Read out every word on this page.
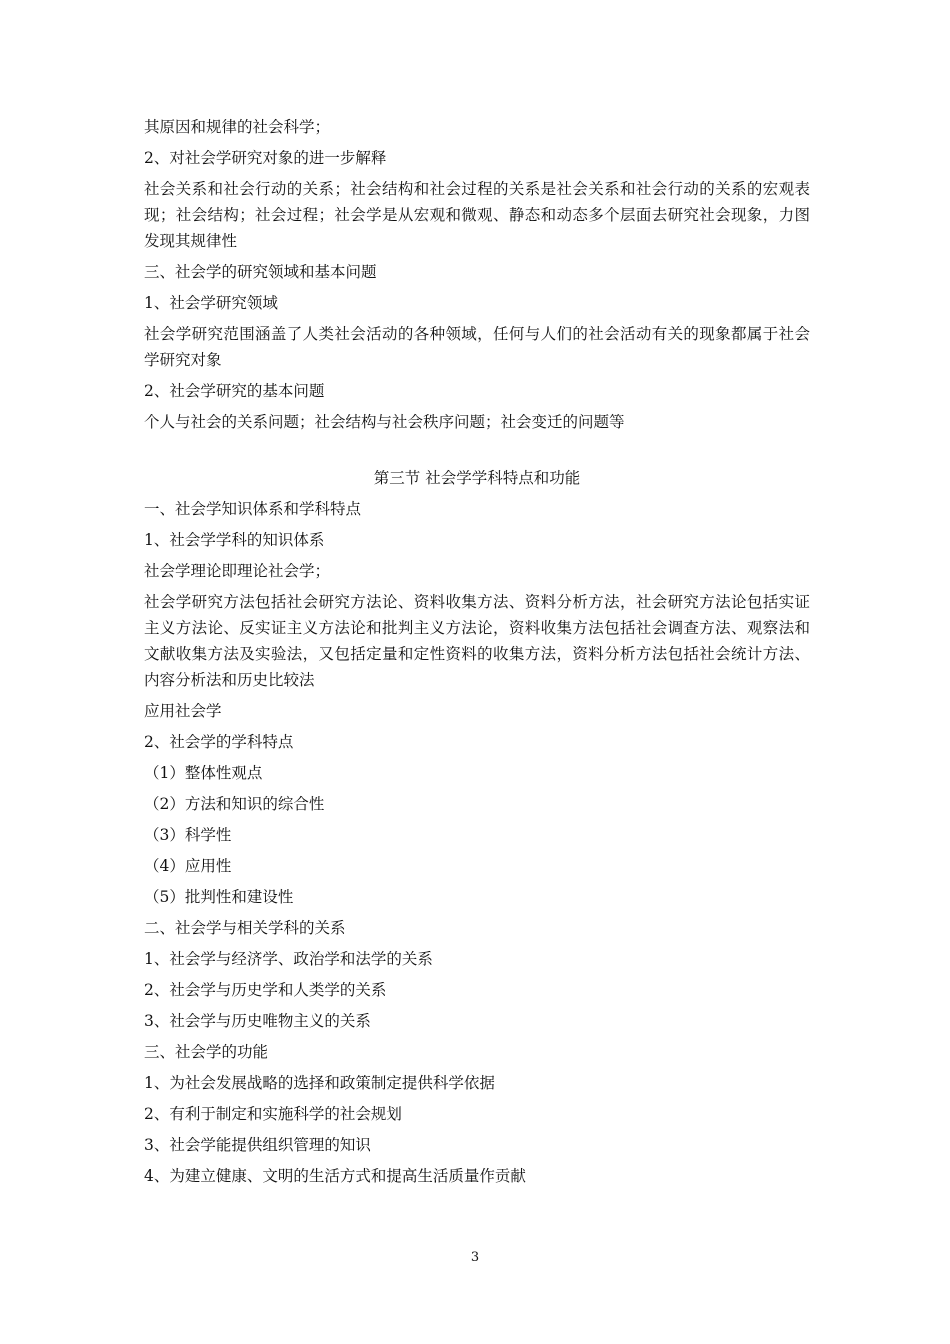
其原因和规律的社会科学；

2、对社会学研究对象的进一步解释

社会关系和社会行动的关系；社会结构和社会过程的关系是社会关系和社会行动的关系的宏观表现；社会结构；社会过程；社会学是从宏观和微观、静态和动态多个层面去研究社会现象，力图发现其规律性

三、社会学的研究领域和基本问题

1、社会学研究领域

社会学研究范围涵盖了人类社会活动的各种领域，任何与人们的社会活动有关的现象都属于社会学研究对象

2、社会学研究的基本问题

个人与社会的关系问题；社会结构与社会秩序问题；社会变迁的问题等

第三节 社会学学科特点和功能

一、社会学知识体系和学科特点

1、社会学学科的知识体系

社会学理论即理论社会学；

社会学研究方法包括社会研究方法论、资料收集方法、资料分析方法，社会研究方法论包括实证主义方法论、反实证主义方法论和批判主义方法论，资料收集方法包括社会调查方法、观察法和文献收集方法及实验法，又包括定量和定性资料的收集方法，资料分析方法包括社会统计方法、内容分析法和历史比较法

应用社会学

2、社会学的学科特点

（1）整体性观点

（2）方法和知识的综合性

（3）科学性

（4）应用性

（5）批判性和建设性

二、社会学与相关学科的关系

1、社会学与经济学、政治学和法学的关系

2、社会学与历史学和人类学的关系

3、社会学与历史唯物主义的关系

三、社会学的功能

1、为社会发展战略的选择和政策制定提供科学依据

2、有利于制定和实施科学的社会规划

3、社会学能提供组织管理的知识

4、为建立健康、文明的生活方式和提高生活质量作贡献

3
